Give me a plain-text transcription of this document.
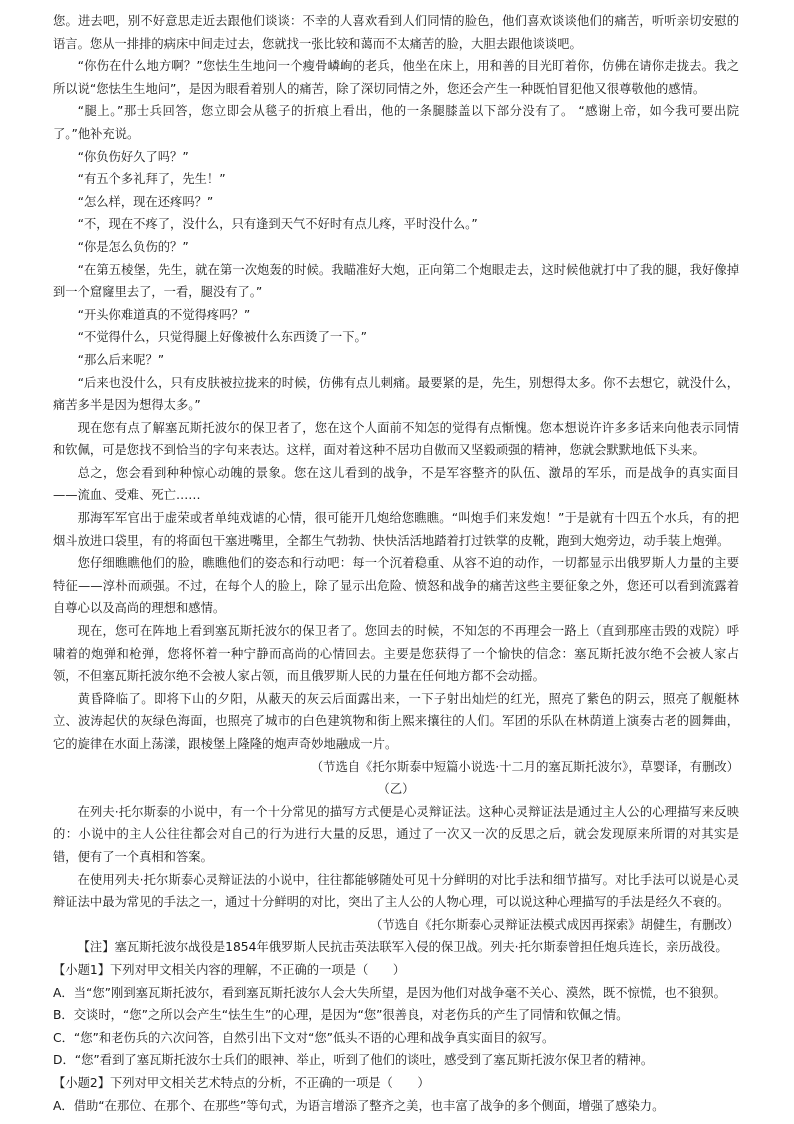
您。进去吧，别不好意思走近去跟他们谈谈：不幸的人喜欢看到人们同情的脸色，他们喜欢谈谈他们的痛苦，听听亲切安慰的语言。您从一排排的病床中间走过去，您就找一张比较和蔼而不太痛苦的脸，大胆去跟他谈谈吧。

“你伤在什么地方啊？”您怯生生地问一个瘦骨嶙峋的老兵，他坐在床上，用和善的目光盯着你，仿佛在请你走拢去。我之所以说“您怯生生地问”，是因为眼看着别人的痛苦，除了深切同情之外，您还会产生一种既怕冒犯他又很尊敬他的感情。

“腿上。”那士兵回答，您立即会从毯子的折痕上看出，他的一条腿膝盖以下部分没有了。 “感谢上帝，如今我可要出院了。”他补充说。

“你负伤好久了吗？”

“有五个多礼拜了，先生！”

“怎么样，现在还疼吗？”

“不，现在不疼了，没什么，只有逢到天气不好时有点儿疼，平时没什么。”

“你是怎么负伤的？”

“在第五棱堡，先生，就在第一次炮轰的时候。我瞄准好大炮，正向第二个炮眼走去，这时候他就打中了我的腿，我好像掉到一个窟窿里去了，一看，腿没有了。”

“开头你难道真的不觉得疼吗？”

“不觉得什么，只觉得腿上好像被什么东西烫了一下。”

“那么后来呢？”

“后来也没什么，只有皮肤被拉拢来的时候，仿佛有点儿刺痛。最要紧的是，先生，别想得太多。你不去想它，就没什么，痛苦多半是因为想得太多。”

现在您有点了解塞瓦斯托波尔的保卫者了，您在这个人面前不知怎的觉得有点惭愧。您本想说许许多多话来向他表示同情和钦佩，可是您找不到恰当的字句来表达。这样，面对着这种不居功自傲而又坚毅顽强的精神，您就会默默地低下头来。

总之，您会看到种种惊心动魄的景象。您在这儿看到的战争，不是军容整齐的队伍、激昂的军乐，而是战争的真实面目——流血、受难、死亡……

那海军军官出于虚荣或者单纯戏谑的心情，很可能开几炮给您瞧瞧。“叫炮手们来发炮！”于是就有十四五个水兵，有的把烟斗放进口袋里，有的将面包干塞进嘴里，全都生气勃勃、快快活活地踏着打过铁掌的皮靴，跑到大炮旁边，动手装上炮弹。

您仔细瞧瞧他们的脸，瞧瞧他们的姿态和行动吧：每一个沉着稳重、从容不迫的动作，一切都显示出俄罗斯人力量的主要特征——淳朴而顽强。不过，在每个人的脸上，除了显示出危险、愤怒和战争的痛苦这些主要征象之外，您还可以看到流露着自尊心以及高尚的理想和感情。

现在，您可在阵地上看到塞瓦斯托波尔的保卫者了。您回去的时候，不知怎的不再理会一路上（直到那座击毁的戏院）呼啸着的炮弹和枪弹，您将怀着一种宁静而高尚的心情回去。主要是您获得了一个愉快的信念：塞瓦斯托波尔绝不会被人家占领，不但塞瓦斯托波尔绝不会被人家占领，而且俄罗斯人民的力量在任何地方都不会动摇。

黄昏降临了。即将下山的夕阳，从蔽天的灰云后面露出来，一下子射出灿烂的红光，照亮了紫色的阴云，照亮了舰艇林立、波涛起伏的灰绿色海面，也照亮了城市的白色建筑物和街上熙来攘往的人们。军团的乐队在林荫道上演奏古老的圆舞曲，它的旋律在水面上荡漾，跟棱堡上隆隆的炮声奇妙地融成一片。

（节选自《托尔斯泰中短篇小说选·十二月的塞瓦斯托波尔》，草婴译，有删改）

（乙）

在列夫·托尔斯泰的小说中，有一个十分常见的描写方式便是心灵辩证法。这种心灵辩证法是通过主人公的心理描写来反映的：小说中的主人公往往都会对自己的行为进行大量的反思，通过了一次又一次的反思之后，就会发现原来所谓的对其实是错，便有了一个真相和答案。

在使用列夫·托尔斯泰心灵辩证法的小说中，往往都能够随处可见十分鲜明的对比手法和细节描写。对比手法可以说是心灵辩证法中最为常见的手法之一，通过十分鲜明的对比，突出了主人公的人物心理，可以说这种心理描写的手法是经久不衰的。

（节选自《托尔斯泰心灵辩证法模式成因再探索》胡健生，有删改）

【注】塞瓦斯托波尔战役是1854年俄罗斯人民抗击英法联军入侵的保卫战。列夫·托尔斯泰曾担任炮兵连长，亲历战役。

【小题1】下列对甲文相关内容的理解，不正确的一项是（　　）

A．当“您”刚到塞瓦斯托波尔，看到塞瓦斯托波尔人会大失所望，是因为他们对战争毫不关心、漠然，既不惊慌，也不狼狈。

B．交谈时，“您”之所以会产生“怯生生”的心理，是因为“您”很善良，对老伤兵的产生了同情和钦佩之情。

C．“您”和老伤兵的六次问答，自然引出下文对“您”低头不语的心理和战争真实面目的叙写。

D．“您”看到了塞瓦斯托波尔士兵们的眼神、举止，听到了他们的谈吐，感受到了塞瓦斯托波尔保卫者的精神。

【小题2】下列对甲文相关艺术特点的分析，不正确的一项是（　　）

A．借助“在那位、在那个、在那些”等句式，为语言增添了整齐之美，也丰富了战争的多个侧面，增强了感染力。
